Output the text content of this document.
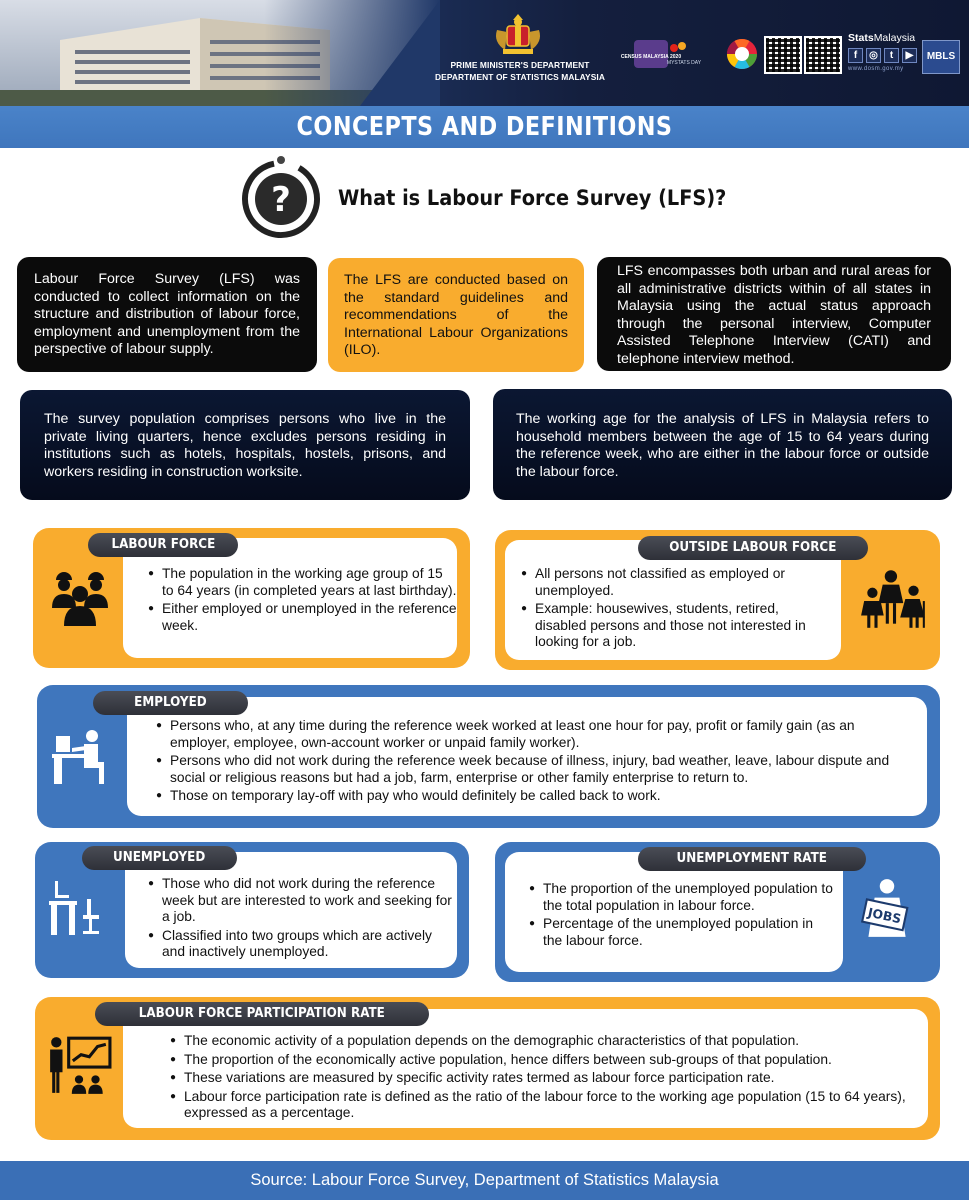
PRIME MINISTER'S DEPARTMENT
DEPARTMENT OF STATISTICS MALAYSIA
CENSUS MALAYSIA 2020
MYSTATS DAY
StatsMalaysia
f	◎	t	▶
www.dosm.gov.my
MBLS
CONCEPTS AND DEFINITIONS
? What is Labour Force Survey (LFS)?

Labour Force Survey (LFS) was conducted to collect information on the structure and distribution of labour force, employment and unemployment from the perspective of labour supply.

The LFS are conducted based on the standard guidelines and recommendations of the International Labour Organizations (ILO).

LFS encompasses both urban and rural areas for all administrative districts within of all states in Malaysia using the actual status approach through the personal interview, Computer Assisted Telephone Interview (CATI) and telephone interview method.

The survey population comprises persons who live in the private living quarters, hence excludes persons residing in institutions such as hotels, hospitals, hostels, prisons, and workers residing in construction worksite.

The working age for the analysis of LFS in Malaysia refers to household members between the age of 15 to 64 years during the reference week, who are either in the labour force or outside the labour force.

LABOUR FORCE
● The population in the working age group of 15 to 64 years (in completed years at last birthday).
● Either employed or unemployed in the reference week.
OUTSIDE LABOUR FORCE
● All persons not classified as employed or unemployed.
● Example: housewives, students, retired, disabled persons and those not interested in looking for a job.
EMPLOYED
● Persons who, at any time during the reference week worked at least one hour for pay, profit or family gain (as an employer, employee, own-account worker or unpaid family worker).
● Persons who did not work during the reference week because of illness, injury, bad weather, leave, labour dispute and social or religious reasons but had a job, farm, enterprise or other family enterprise to return to.
● Those on temporary lay-off with pay who would definitely be called back to work.
UNEMPLOYED
● Those who did not work during the reference week but are interested to work and seeking for a job.
● Classified into two groups which are actively and inactively unemployed.
UNEMPLOYMENT RATE
JOBS
● The proportion of the unemployed population to the total population in labour force.
● Percentage of the unemployed population in the labour force.
LABOUR FORCE PARTICIPATION RATE
● The economic activity of a population depends on the demographic characteristics of that population.
● The proportion of the economically active population, hence differs between sub-groups of that population.
● These variations are measured by specific activity rates termed as labour force participation rate.
● Labour force participation rate is defined as the ratio of the labour force to the working age population (15 to 64 years), expressed as a percentage.

Source: Labour Force Survey, Department of Statistics Malaysia
